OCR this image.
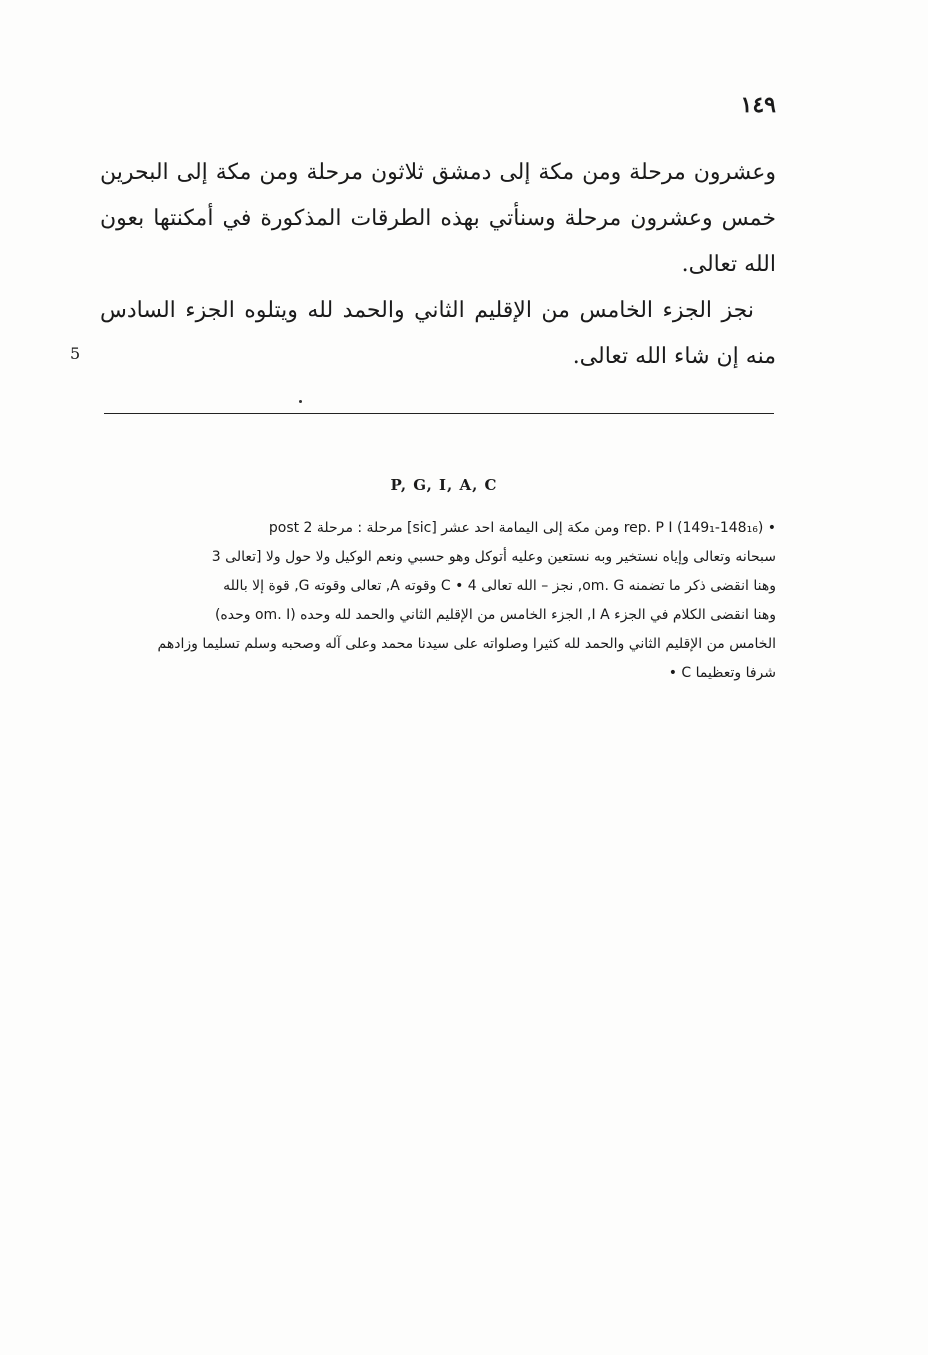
١٤٩

وعشرون مرحلة ومن مكة إلى دمشق ثلاثون مرحلة ومن مكة إلى البحرين خمس وعشرون مرحلة وسنأتي بهذه الطرقات المذكورة في أمكنتها بعون الله تعالى.

نجز الجزء الخامس من الإقليم الثاني والحمد لله ويتلوه الجزء السادس منه إن شاء الله تعالى.

5
P, G, I, A, C
• (149₁-148₁₆) rep. P I ومن مكة إلى اليمامة احد عشر [sic] مرحلة : مرحلة post 2
سبحانه وتعالى وإياه نستخير وبه نستعين وعليه أتوكل وهو حسبي ونعم الوكيل ولا حول ولا [تعالى 3
وهنا انقضى ذكر ما تضمنه om. G, نجز – الله تعالى 4 • C وقوته A, تعالى وقوته G, قوة إلا بالله
وهنا انقضى الكلام في الجزء I A, الجزء الخامس من الإقليم الثاني والحمد لله وحده (om. I وحده)
الخامس من الإقليم الثاني والحمد لله كثيرا وصلواته على سيدنا محمد وعلى آله وصحبه وسلم تسليما وزادهم
شرفا وتعظيما C •
